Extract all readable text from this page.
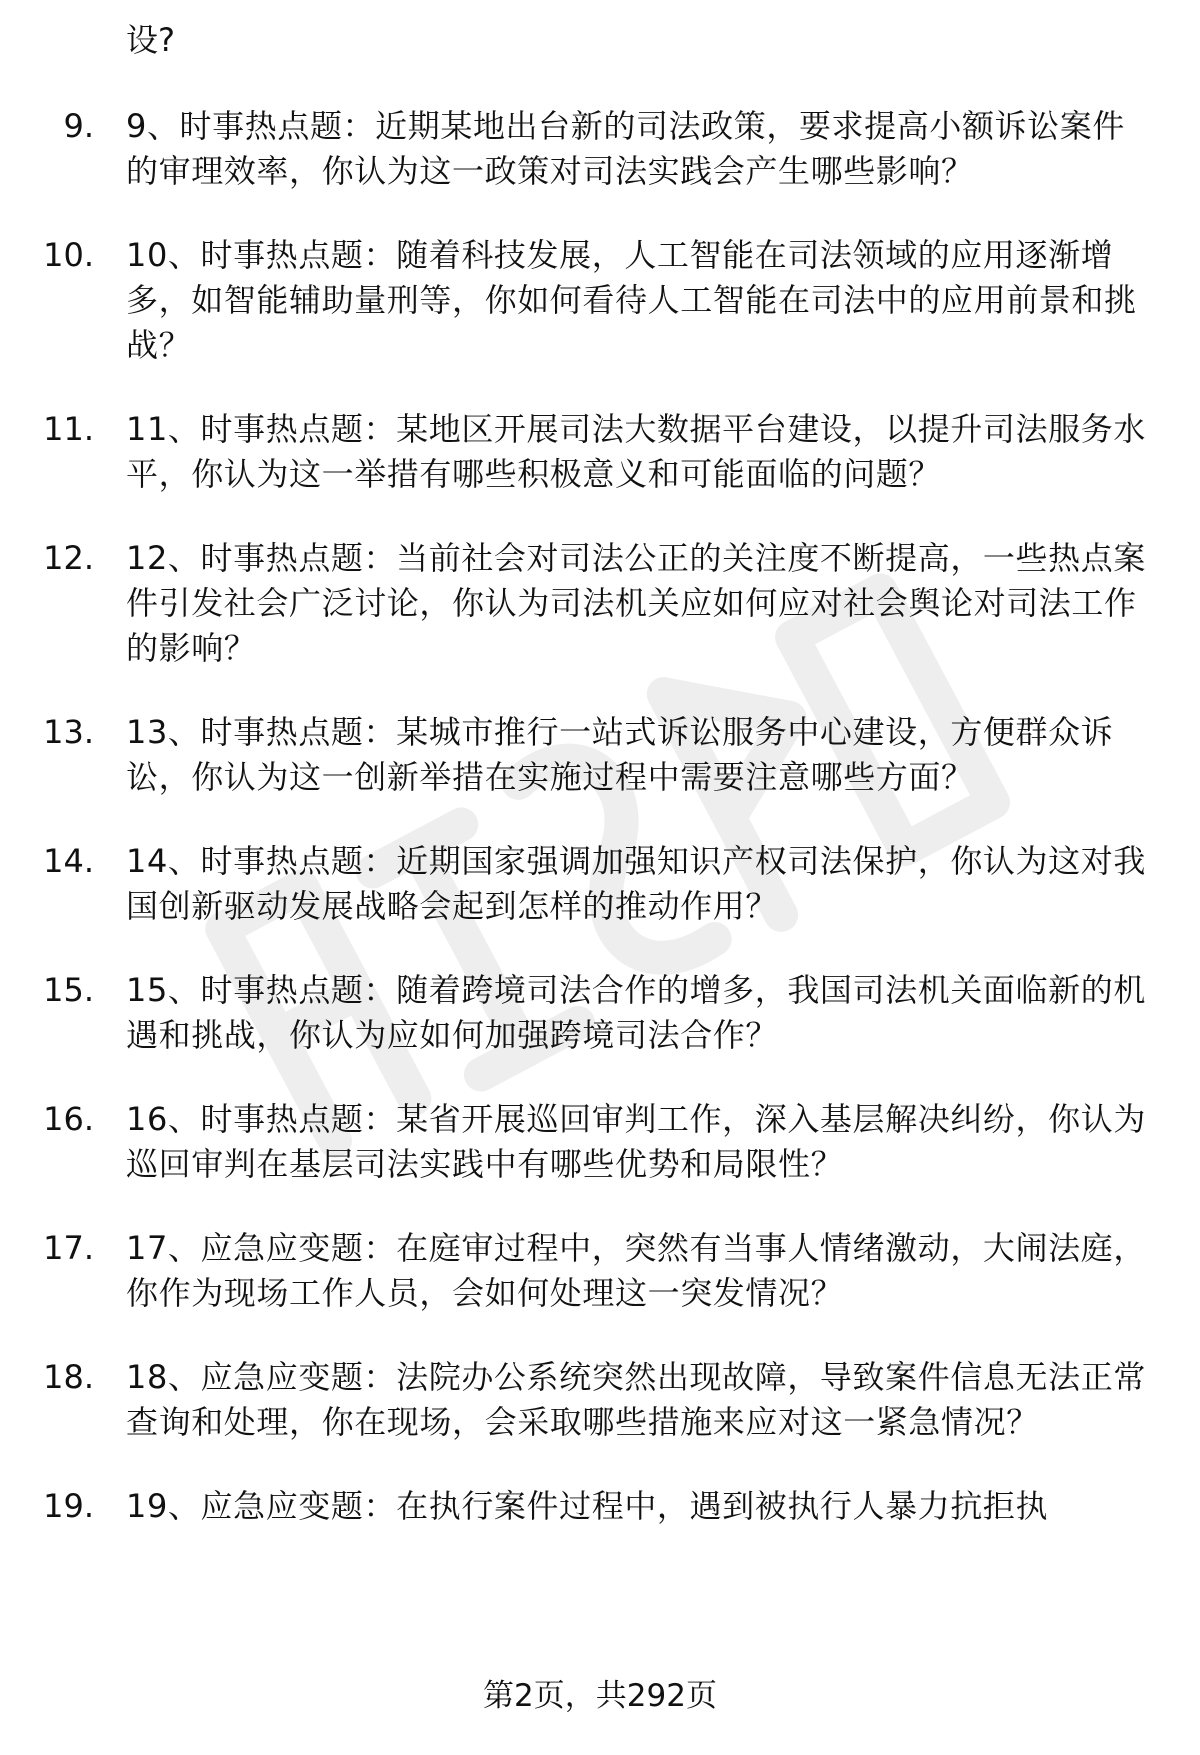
设?
9.	9、时事热点题：近期某地出台新的司法政策，要求提高小额诉讼案件的审理效率，你认为这一政策对司法实践会产生哪些影响？
10.	10、时事热点题：随着科技发展，人工智能在司法领域的应用逐渐增多，如智能辅助量刑等，你如何看待人工智能在司法中的应用前景和挑战？
11.	11、时事热点题：某地区开展司法大数据平台建设，以提升司法服务水平，你认为这一举措有哪些积极意义和可能面临的问题？
12.	12、时事热点题：当前社会对司法公正的关注度不断提高，一些热点案件引发社会广泛讨论，你认为司法机关应如何应对社会舆论对司法工作的影响？
13.	13、时事热点题：某城市推行一站式诉讼服务中心建设，方便群众诉讼，你认为这一创新举措在实施过程中需要注意哪些方面？
14.	14、时事热点题：近期国家强调加强知识产权司法保护，你认为这对我国创新驱动发展战略会起到怎样的推动作用？
15.	15、时事热点题：随着跨境司法合作的增多，我国司法机关面临新的机遇和挑战，你认为应如何加强跨境司法合作？
16.	16、时事热点题：某省开展巡回审判工作，深入基层解决纠纷，你认为巡回审判在基层司法实践中有哪些优势和局限性？
17.	17、应急应变题：在庭审过程中，突然有当事人情绪激动，大闹法庭，你作为现场工作人员，会如何处理这一突发情况？
18.	18、应急应变题：法院办公系统突然出现故障，导致案件信息无法正常查询和处理，你在现场，会采取哪些措施来应对这一紧急情况？
19.	19、应急应变题：在执行案件过程中，遇到被执行人暴力抗拒执
第2页，共292页
